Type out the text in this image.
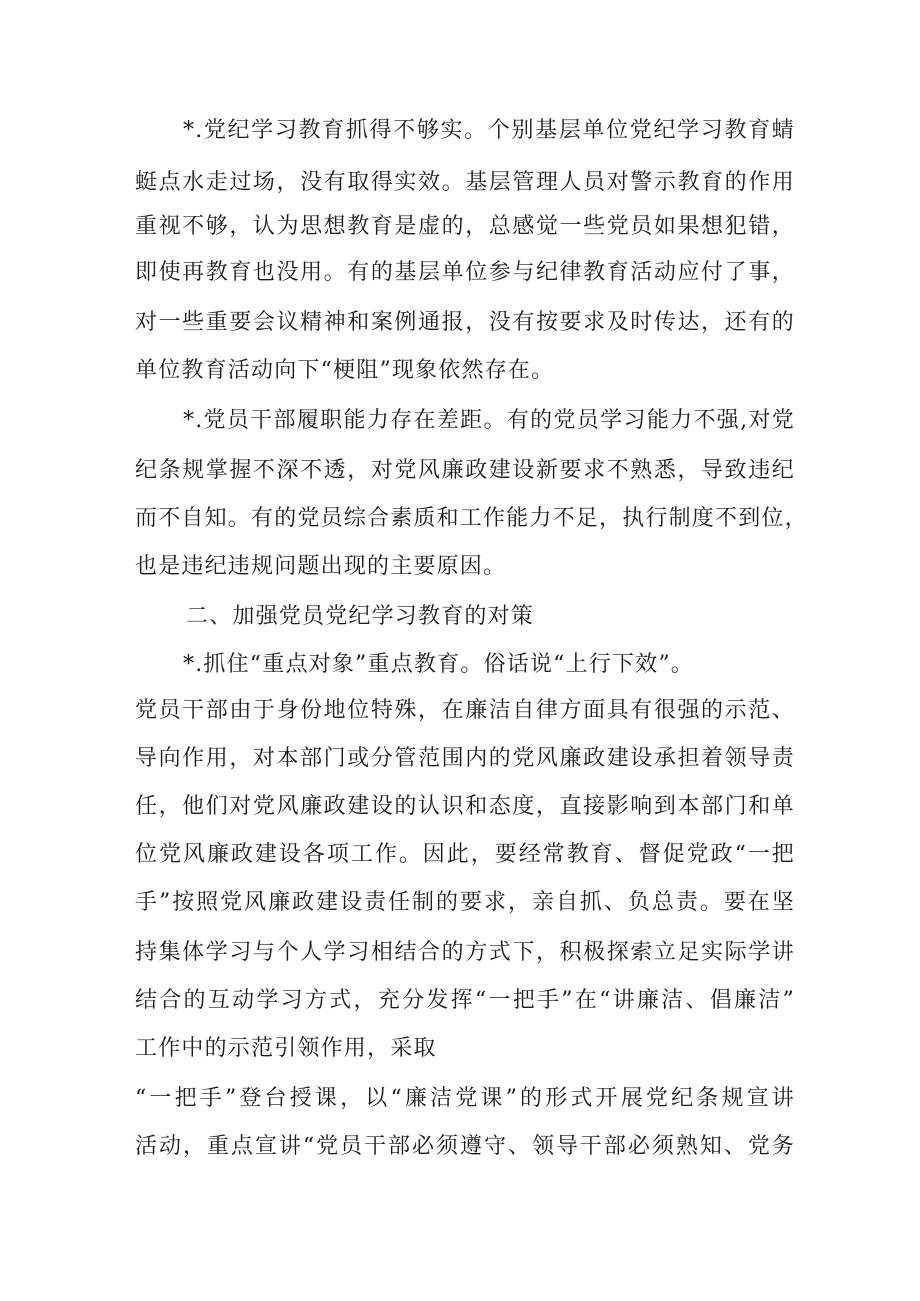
*.党纪学习教育抓得不够实。个别基层单位党纪学习教育蜻
蜓点水走过场，没有取得实效。基层管理人员对警示教育的作用
重视不够，认为思想教育是虚的，总感觉一些党员如果想犯错，
即使再教育也没用。有的基层单位参与纪律教育活动应付了事，
对一些重要会议精神和案例通报，没有按要求及时传达，还有的
单位教育活动向下“梗阻”现象依然存在。
*.党员干部履职能力存在差距。有的党员学习能力不强,对党
纪条规掌握不深不透，对党风廉政建设新要求不熟悉，导致违纪
而不自知。有的党员综合素质和工作能力不足，执行制度不到位，
也是违纪违规问题出现的主要原因。
二、加强党员党纪学习教育的对策
*.抓住“重点对象”重点教育。俗话说“上行下效”。
党员干部由于身份地位特殊，在廉洁自律方面具有很强的示范、
导向作用，对本部门或分管范围内的党风廉政建设承担着领导责
任，他们对党风廉政建设的认识和态度，直接影响到本部门和单
位党风廉政建设各项工作。因此，要经常教育、督促党政“一把
手”按照党风廉政建设责任制的要求，亲自抓、负总责。要在坚
持集体学习与个人学习相结合的方式下，积极探索立足实际学讲
结合的互动学习方式，充分发挥“一把手”在“讲廉洁、倡廉洁”
工作中的示范引领作用，采取
“一把手”登台授课，以“廉洁党课”的形式开展党纪条规宣讲
活动，重点宣讲“党员干部必须遵守、领导干部必须熟知、党务
